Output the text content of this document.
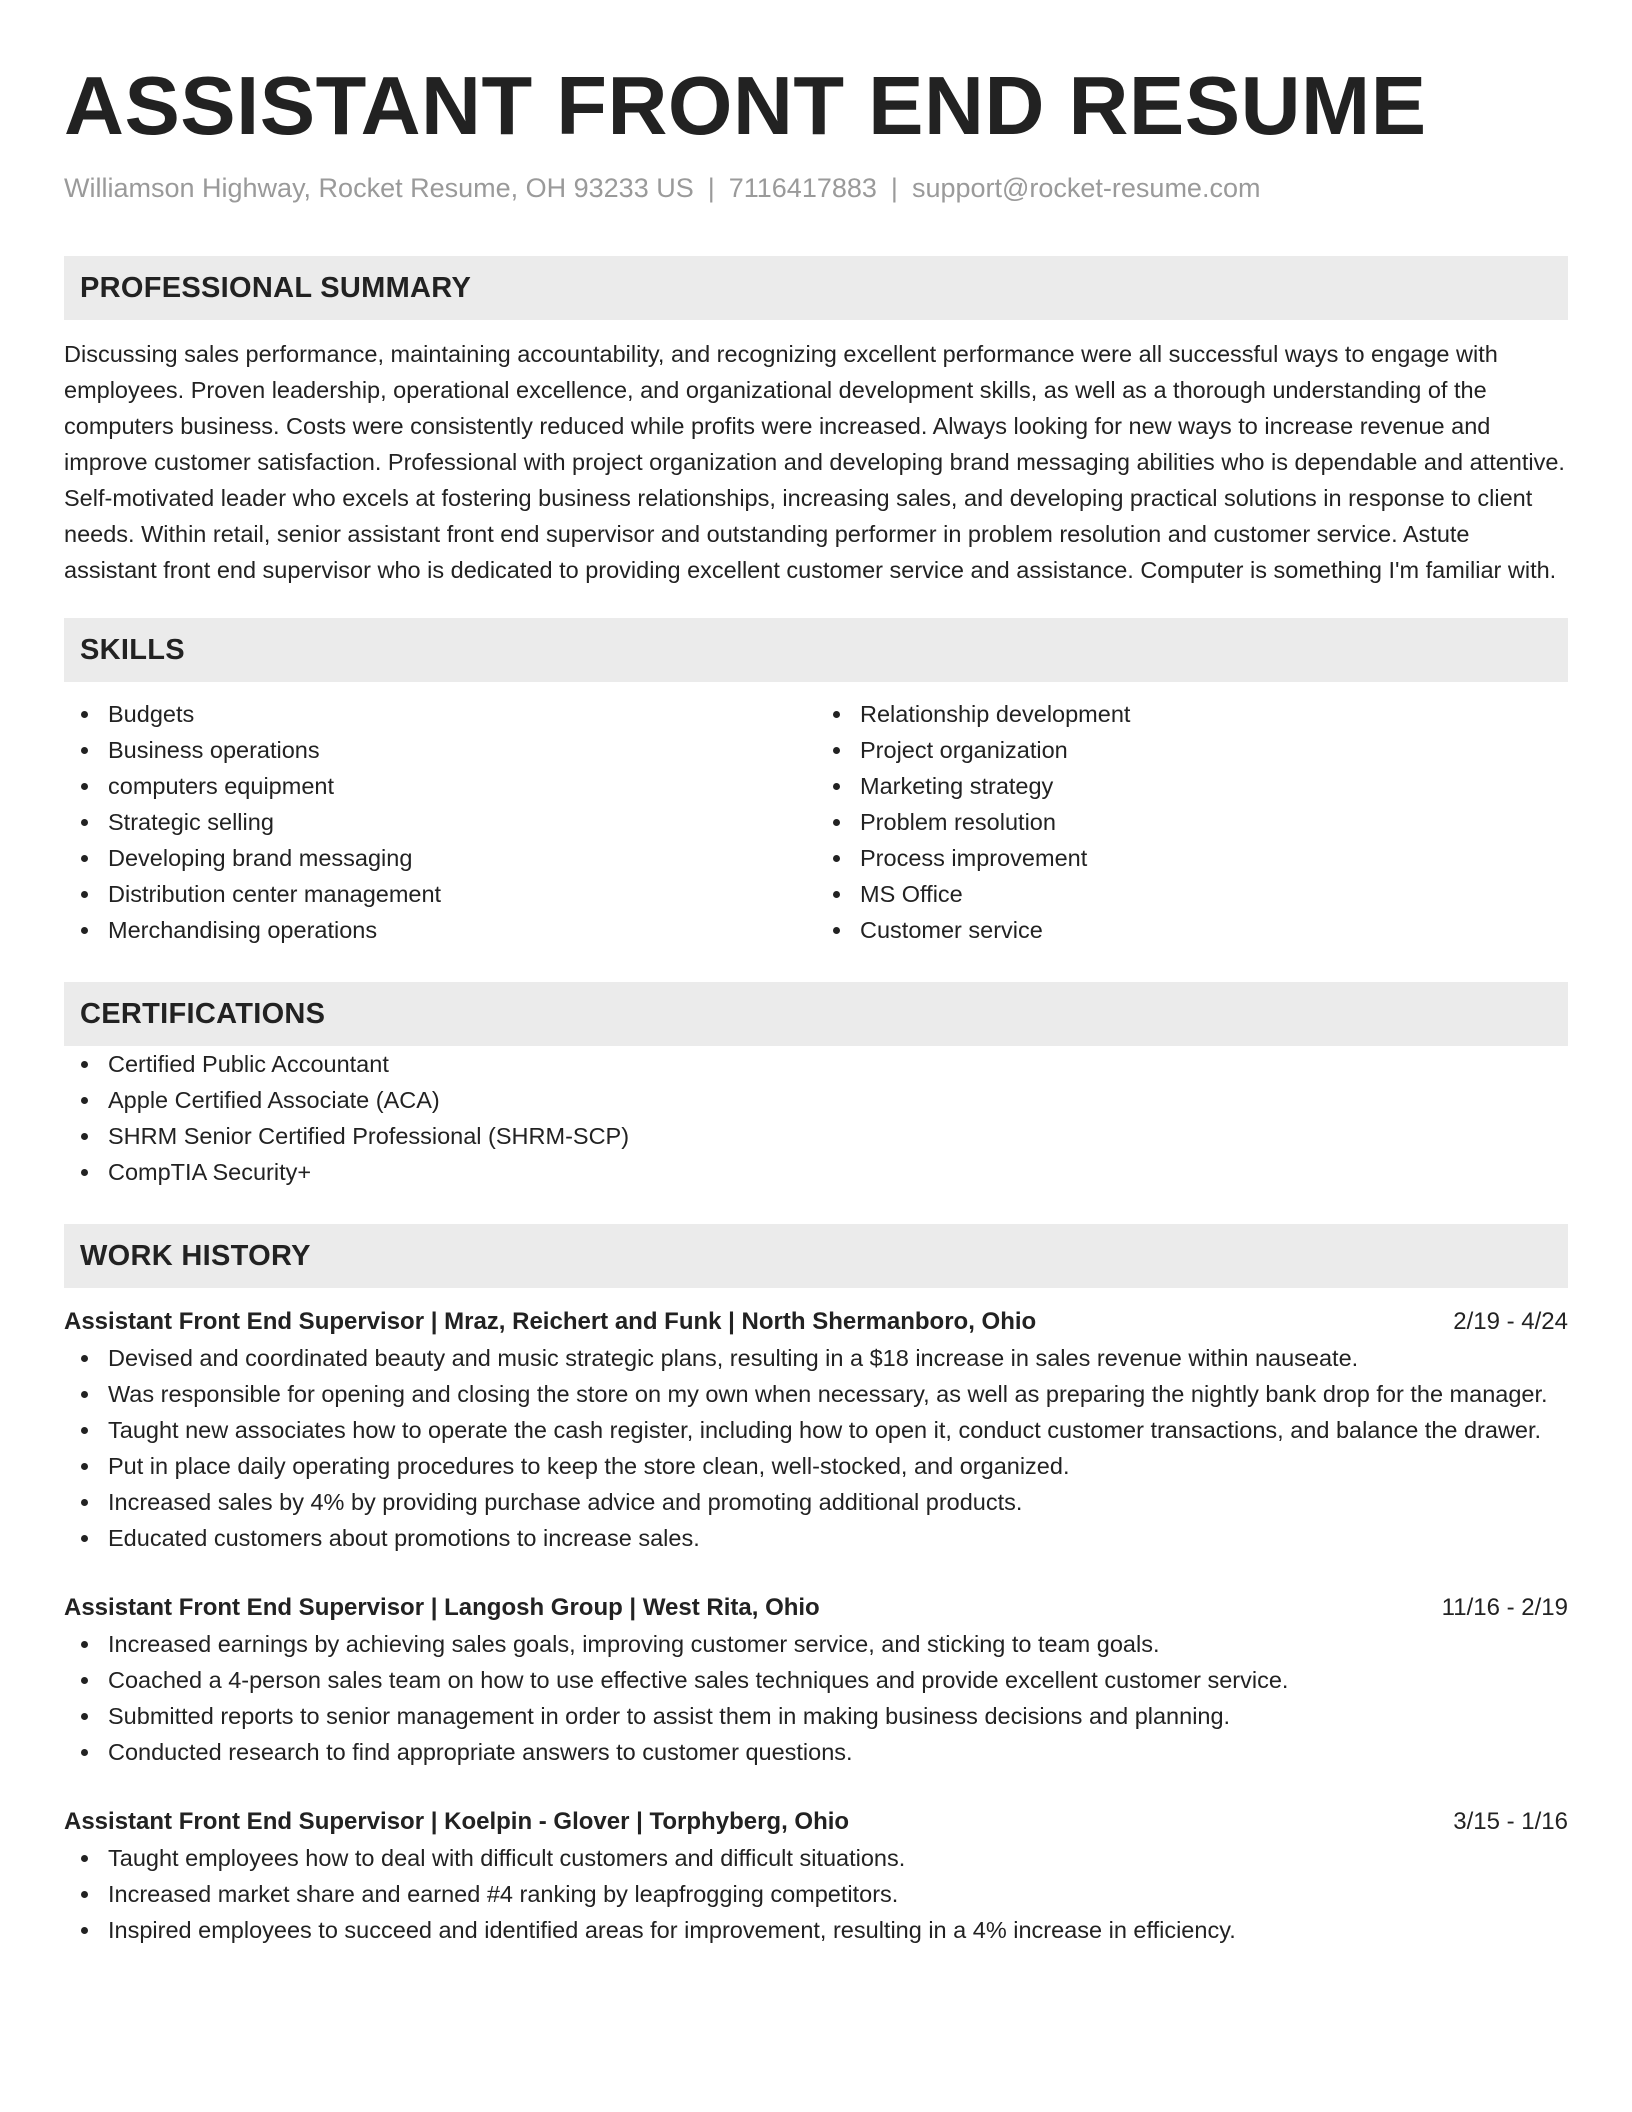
ASSISTANT FRONT END RESUME
Williamson Highway, Rocket Resume, OH 93233 US | 7116417883 | support@rocket-resume.com
PROFESSIONAL SUMMARY

Discussing sales performance, maintaining accountability, and recognizing excellent performance were all successful ways to engage with employees. Proven leadership, operational excellence, and organizational development skills, as well as a thorough understanding of the computers business. Costs were consistently reduced while profits were increased. Always looking for new ways to increase revenue and improve customer satisfaction. Professional with project organization and developing brand messaging abilities who is dependable and attentive. Self-motivated leader who excels at fostering business relationships, increasing sales, and developing practical solutions in response to client needs. Within retail, senior assistant front end supervisor and outstanding performer in problem resolution and customer service. Astute assistant front end supervisor who is dedicated to providing excellent customer service and assistance. Computer is something I'm familiar with.

SKILLS
Budgets
Business operations
computers equipment
Strategic selling
Developing brand messaging
Distribution center management
Merchandising operations
Relationship development
Project organization
Marketing strategy
Problem resolution
Process improvement
MS Office
Customer service
CERTIFICATIONS
Certified Public Accountant
Apple Certified Associate (ACA)
SHRM Senior Certified Professional (SHRM-SCP)
CompTIA Security+
WORK HISTORY
Assistant Front End Supervisor | Mraz, Reichert and Funk | North Shermanboro, Ohio	2/19 - 4/24
Devised and coordinated beauty and music strategic plans, resulting in a $18 increase in sales revenue within nauseate.
Was responsible for opening and closing the store on my own when necessary, as well as preparing the nightly bank drop for the manager.
Taught new associates how to operate the cash register, including how to open it, conduct customer transactions, and balance the drawer.
Put in place daily operating procedures to keep the store clean, well-stocked, and organized.
Increased sales by 4% by providing purchase advice and promoting additional products.
Educated customers about promotions to increase sales.
Assistant Front End Supervisor | Langosh Group | West Rita, Ohio	11/16 - 2/19
Increased earnings by achieving sales goals, improving customer service, and sticking to team goals.
Coached a 4-person sales team on how to use effective sales techniques and provide excellent customer service.
Submitted reports to senior management in order to assist them in making business decisions and planning.
Conducted research to find appropriate answers to customer questions.
Assistant Front End Supervisor | Koelpin - Glover | Torphyberg, Ohio	3/15 - 1/16
Taught employees how to deal with difficult customers and difficult situations.
Increased market share and earned #4 ranking by leapfrogging competitors.
Inspired employees to succeed and identified areas for improvement, resulting in a 4% increase in efficiency.
